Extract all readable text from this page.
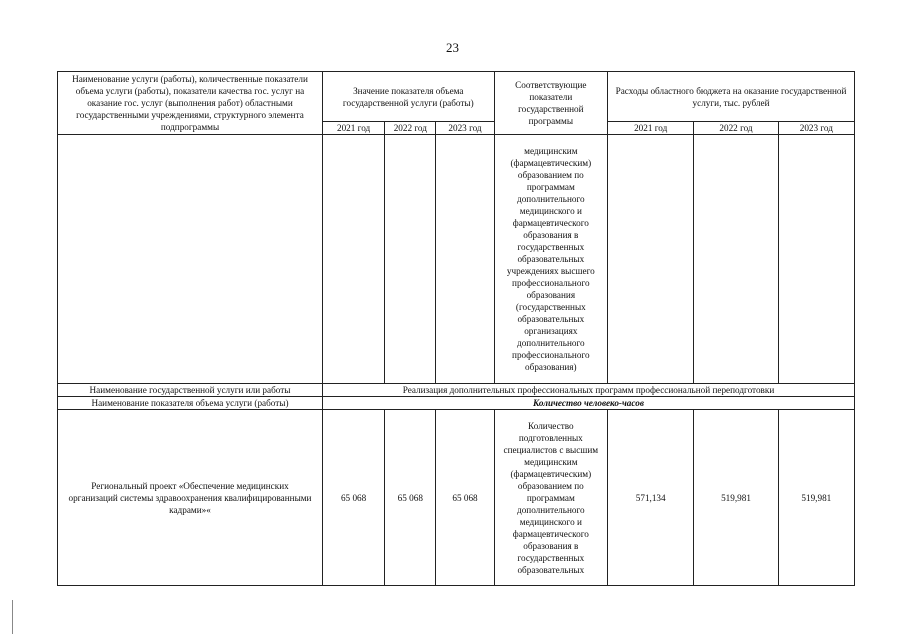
23
Наименование услуги (работы), количественные показатели объема услуги (работы), показатели качества гос. услуг на оказание гос. услуг (выполнения работ) областными государственными учреждениями, структурного элемента подпрограммы	Значение показателя объема государственной услуги (работы)			Соответствующие показатели государственной программы	Расходы областного бюджета на оказание государственной услуги, тыс. рублей		
	2021 год	2022 год	2023 год		2021 год	2022 год	2023 год
				медицинским (фармацевтическим) образованием по программам дополнительного медицинского и фармацевтического образования в государственных образовательных учреждениях высшего профессионального образования (государственных образовательных организациях дополнительного профессионального образования)			
Наименование государственной услуги или работы	Реализация дополнительных профессиональных программ профессиональной переподготовки						
Наименование показателя объема услуги (работы)	Количество человеко-часов						
Региональный проект «Обеспечение медицинских организаций системы здравоохранения квалифицированными кадрами»«	65 068	65 068	65 068	Количество подготовленных специалистов с высшим медицинским (фармацевтическим) образованием по программам дополнительного медицинского и фармацевтического образования в государственных образовательных	571,134	519,981	519,981
